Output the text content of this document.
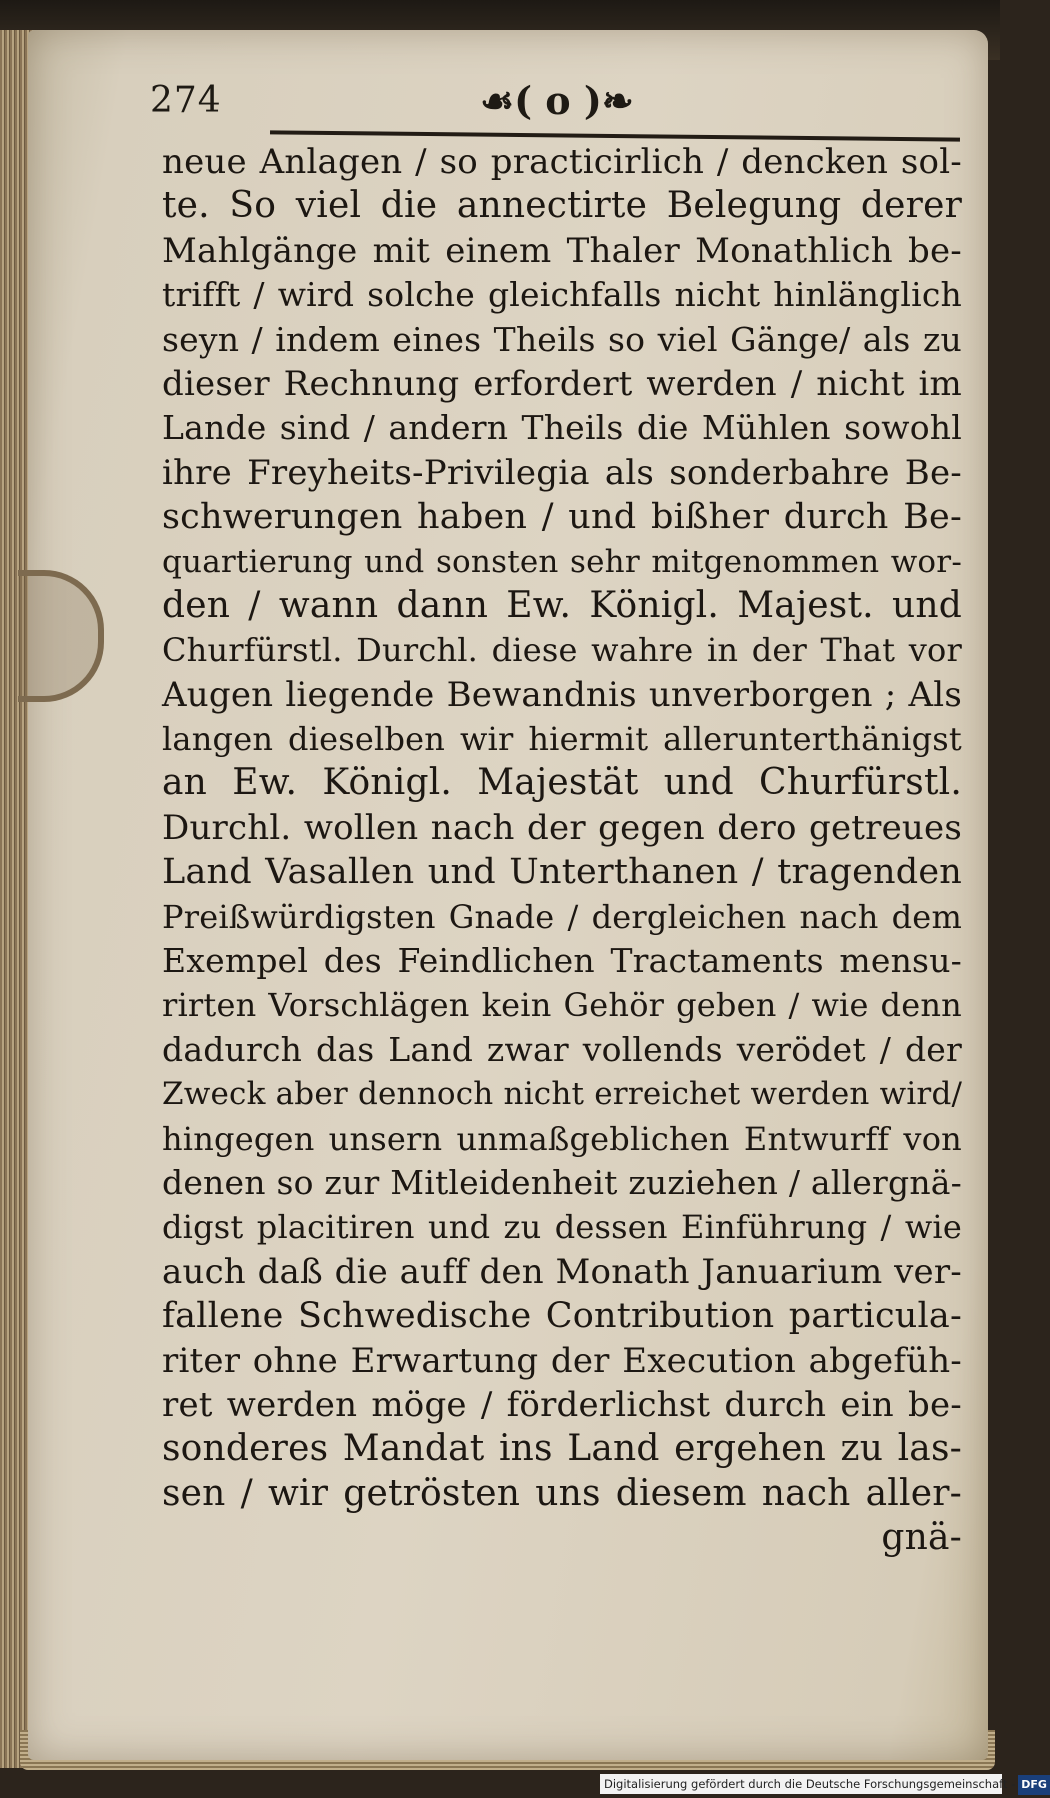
274	☙( o )❧
neue Anlagen / so practicirlich / dencken sol-
te. So viel die annectirte Belegung derer
Mahlgänge mit einem Thaler Monathlich be-
trifft / wird solche gleichfalls nicht hinlänglich
seyn / indem eines Theils so viel Gänge/ als zu
dieser Rechnung erfordert werden / nicht im
Lande sind / andern Theils die Mühlen sowohl
ihre Freyheits-Privilegia als sonderbahre Be-
schwerungen haben / und bißher durch Be-
quartierung und sonsten sehr mitgenommen wor-
den / wann dann Ew. Königl. Majest. und
Churfürstl. Durchl. diese wahre in der That vor
Augen liegende Bewandnis unverborgen ; Als
langen dieselben wir hiermit allerunterthänigst
an Ew. Königl. Majestät und Churfürstl.
Durchl. wollen nach der gegen dero getreues
Land Vasallen und Unterthanen / tragenden
Preißwürdigsten Gnade / dergleichen nach dem
Exempel des Feindlichen Tractaments mensu-
rirten Vorschlägen kein Gehör geben / wie denn
dadurch das Land zwar vollends verödet / der
Zweck aber dennoch nicht erreichet werden wird/
hingegen unsern unmaßgeblichen Entwurff von
denen so zur Mitleidenheit zuziehen / allergnä-
digst placitiren und zu dessen Einführung / wie
auch daß die auff den Monath Januarium ver-
fallene Schwedische Contribution particula-
riter ohne Erwartung der Execution abgefüh-
ret werden möge / förderlichst durch ein be-
sonderes Mandat ins Land ergehen zu las-
sen / wir getrösten uns diesem nach aller-
gnä-
Digitalisierung gefördert durch die Deutsche Forschungsgemeinschaft - DFG
